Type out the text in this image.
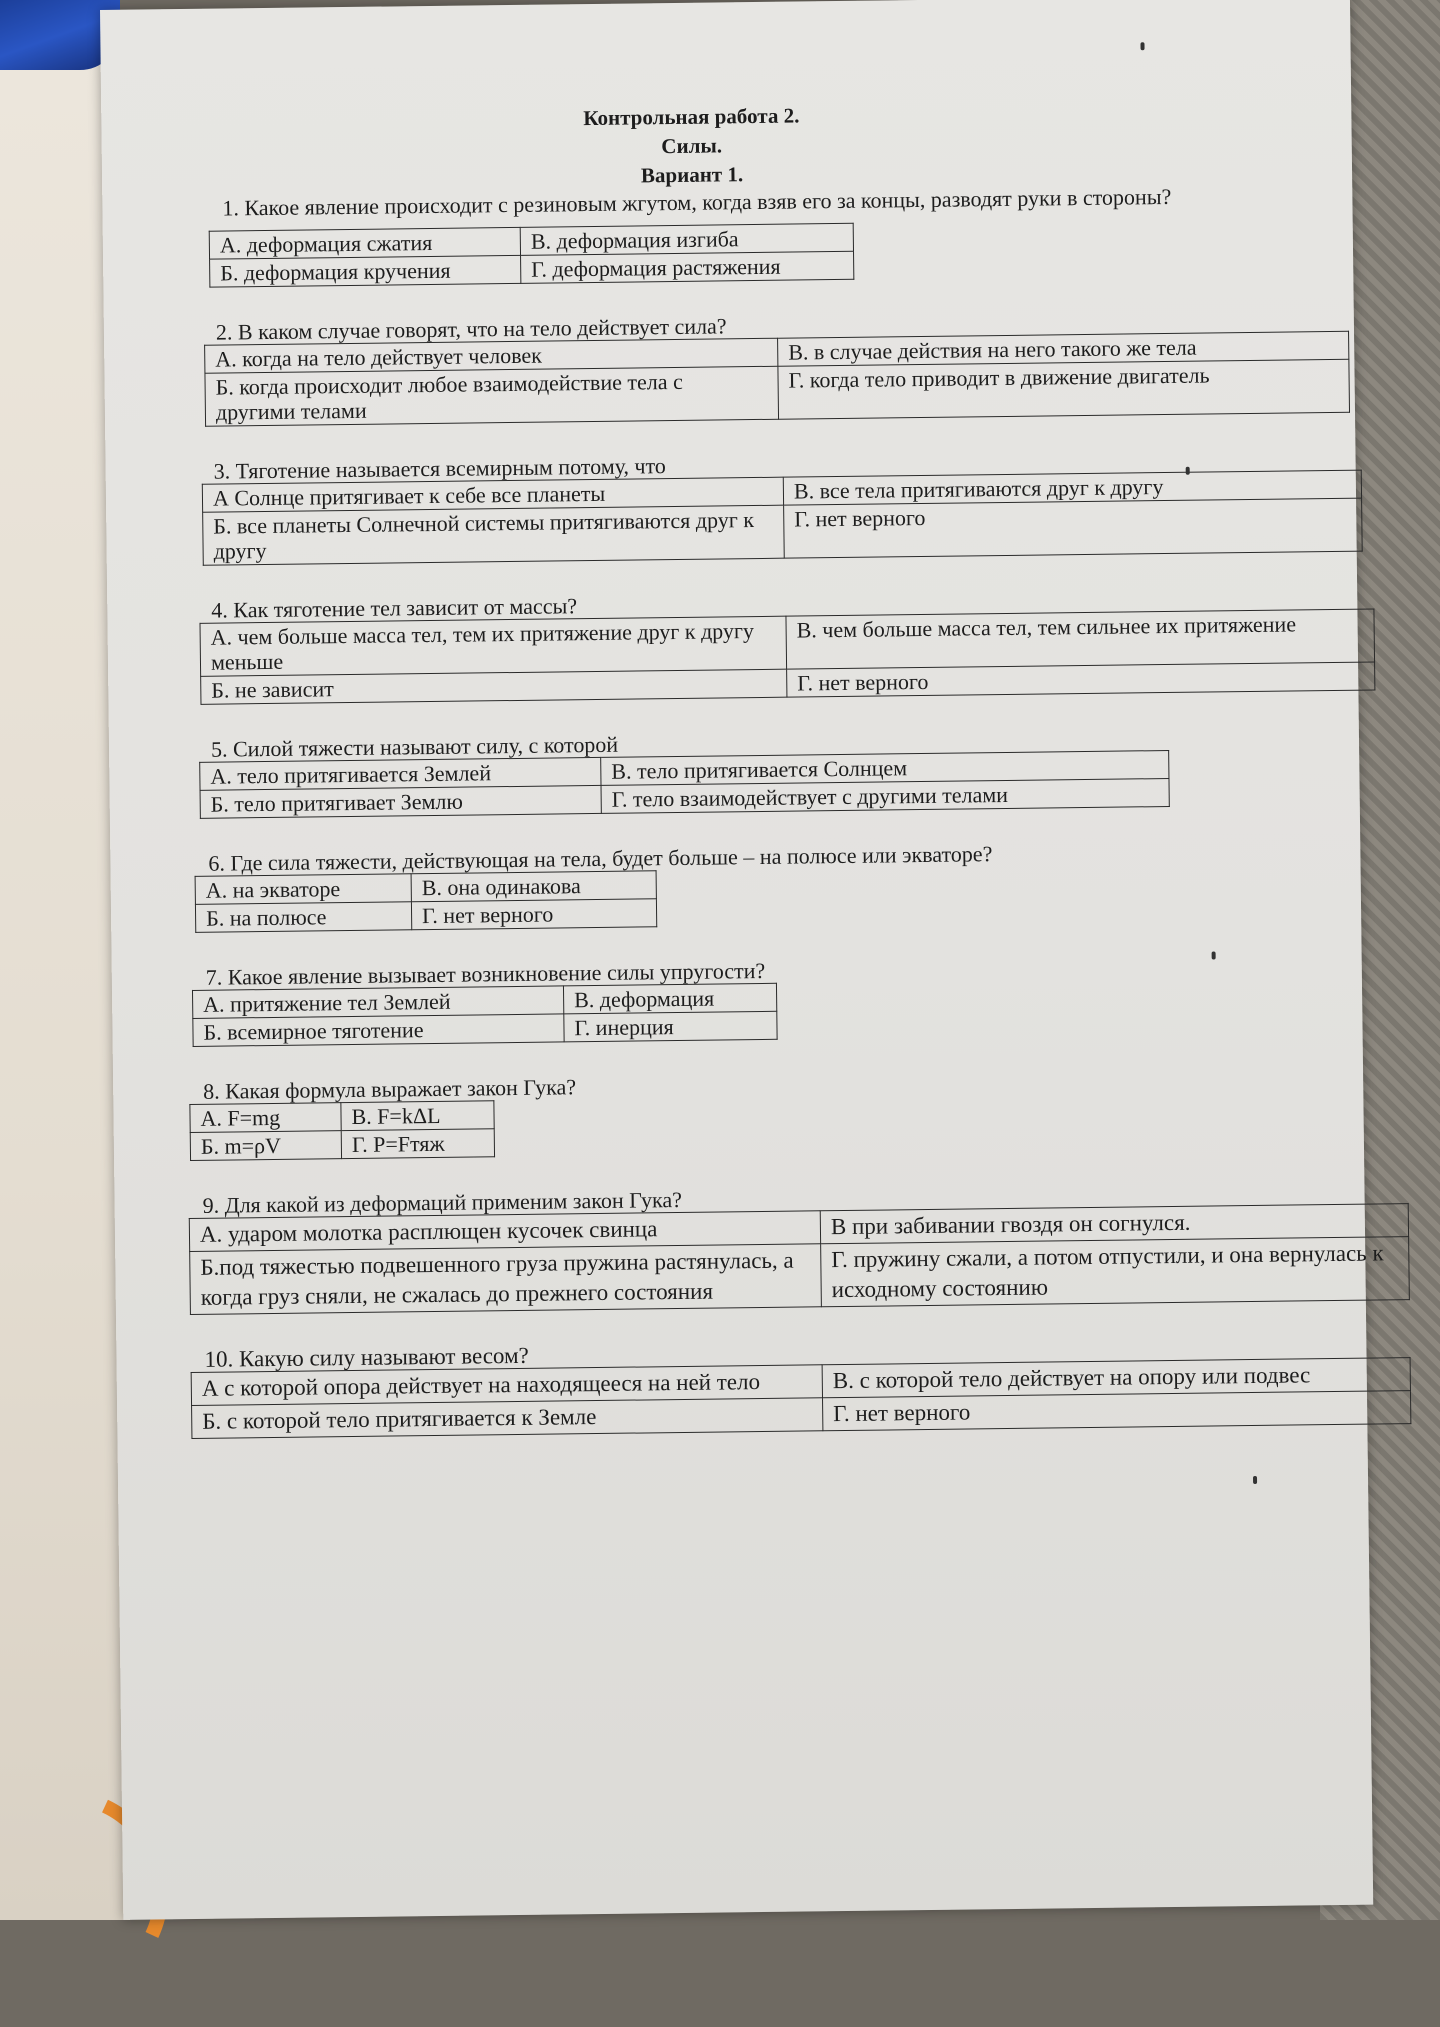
Контрольная работа 2.
Силы.
Вариант 1.
1. Какое явление происходит с резиновым жгутом, когда взяв его за концы, разводят руки в стороны?
А. деформация сжатия	В. деформация изгиба
Б. деформация кручения	Г. деформация растяжения
2. В каком случае говорят, что на тело действует сила?
А. когда на тело действует человек	В. в случае действия на него такого же тела
Б. когда происходит любое взаимодействие тела с другими телами	Г. когда тело приводит в движение двигатель
3. Тяготение называется всемирным потому, что
А Солнце притягивает к себе все планеты	В. все тела притягиваются друг к другу
Б. все планеты Солнечной системы притягиваются друг к другу	Г. нет верного
4. Как тяготение тел зависит от массы?
А. чем больше масса тел, тем их притяжение друг к другу меньше	В. чем больше масса тел, тем сильнее их притяжение
Б. не зависит	Г. нет верного
5. Силой тяжести называют силу, с которой
А. тело притягивается Землей	В. тело притягивается Солнцем
Б. тело притягивает Землю	Г. тело взаимодействует с другими телами
6. Где сила тяжести, действующая на тела, будет больше – на полюсе или экваторе?
А. на экваторе	В. она одинакова
Б. на полюсе	Г. нет верного
7. Какое явление вызывает возникновение силы упругости?
А. притяжение тел Землей	В. деформация
Б. всемирное тяготение	Г. инерция
8. Какая формула выражает закон Гука?
А. F=mg	В. F=kΔL
Б. m=ρV	Г. P=Fтяж
9. Для какой из деформаций применим закон Гука?
А. ударом молотка расплющен кусочек свинца	В при забивании гвоздя он согнулся.
Б.под тяжестью подвешенного груза пружина растянулась, а когда груз сняли, не сжалась до прежнего состояния	Г. пружину сжали, а потом отпустили, и она вернулась к исходному состоянию
10. Какую силу называют весом?
А с которой опора действует на находящееся на ней тело	В. с которой тело действует на опору или подвес
Б. с которой тело притягивается к Земле	Г. нет верного
